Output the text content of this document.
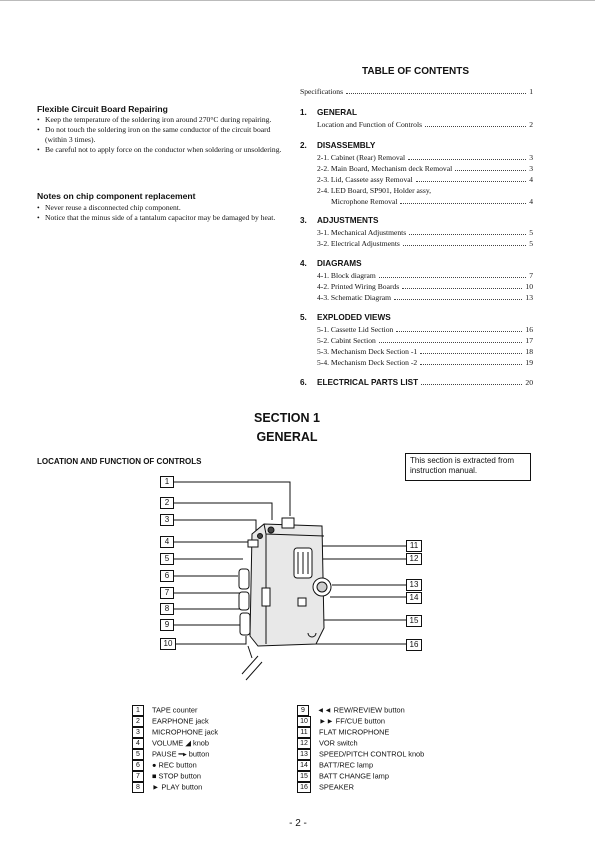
Flexible Circuit Board Repairing
• Keep the temperature of the soldering iron around 270°C during repairing.
• Do not touch the soldering iron on the same conductor of the circuit board (within 3 times).
• Be careful not to apply force on the conductor when soldering or unsoldering.
Notes on chip component replacement
• Never reuse a disconnected chip component.
• Notice that the minus side of a tantalum capacitor may be damaged by heat.
TABLE OF CONTENTS
Specifications	1
1. GENERAL
Location and Function of Controls	2
2. DISASSEMBLY
2-1. Cabinet (Rear) Removal	3
2-2. Main Board, Mechanism deck Removal	3
2-3. Lid, Cassete assy Removal	4
2-4. LED Board, SP901, Holder assy,
Microphone Removal	4
3. ADJUSTMENTS
3-1. Mechanical Adjustments	5
3-2. Electrical Adjustments	5
4. DIAGRAMS
4-1. Block diagram	7
4-2. Printed Wiring Boards	10
4-3. Schematic Diagram	13
5. EXPLODED VIEWS
5-1. Cassette Lid Section	16
5-2. Cabint Section	17
5-3. Mechanism Deck Section -1	18
5-4. Mechanism Deck Section -2	19
6. ELECTRICAL PARTS LIST	20
SECTION 1
GENERAL
LOCATION AND FUNCTION OF CONTROLS	This section is extracted from instruction manual.
1
2
3
4
5
6
7
8
9
10
11
12
13
14
15
16
1 TAPE counter
2 EARPHONE jack
3 MICROPHONE jack
4 VOLUME ◢ knob
5 PAUSE ━▸ button
6 ● REC button
7 ■ STOP button
8 ► PLAY button
9 ◄◄ REW/REVIEW button
10 ►► FF/CUE button
11 FLAT MICROPHONE
12 VOR switch
13 SPEED/PITCH CONTROL knob
14 BATT/REC lamp
15 BATT CHANGE lamp
16 SPEAKER
- 2 -
